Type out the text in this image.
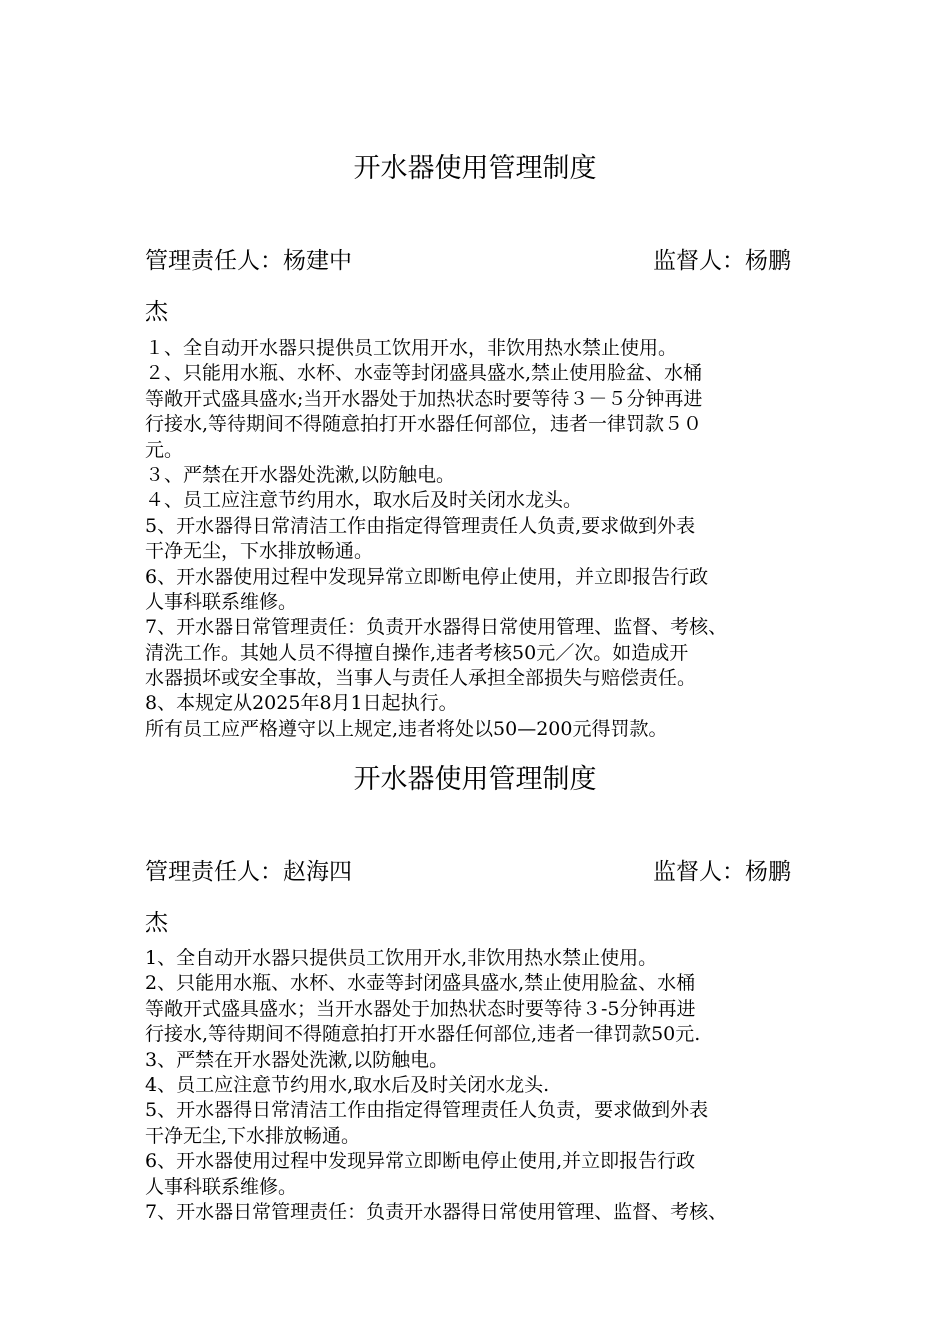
开水器使用管理制度
管理责任人：杨建中	监督人：杨鹏
杰
１、全自动开水器只提供员工饮用开水，非饮用热水禁止使用。
２、只能用水瓶、水杯、水壶等封闭盛具盛水,禁止使用脸盆、水桶
等敞开式盛具盛水;当开水器处于加热状态时要等待３－５分钟再进
行接水,等待期间不得随意拍打开水器任何部位，违者一律罚款５０
元。
３、严禁在开水器处洗漱,以防触电。
４、员工应注意节约用水，取水后及时关闭水龙头。
5、开水器得日常清洁工作由指定得管理责任人负责,要求做到外表
干净无尘，下水排放畅通。
6、开水器使用过程中发现异常立即断电停止使用，并立即报告行政
人事科联系维修。
7、开水器日常管理责任：负责开水器得日常使用管理、监督、考核、
清洗工作。其她人员不得擅自操作,违者考核50元／次。如造成开
水器损坏或安全事故，当事人与责任人承担全部损失与赔偿责任。
8、本规定从2025年8月1日起执行。
所有员工应严格遵守以上规定,违者将处以50—200元得罚款。
开水器使用管理制度
管理责任人：赵海四	监督人：杨鹏
杰
1、全自动开水器只提供员工饮用开水,非饮用热水禁止使用。
2、只能用水瓶、水杯、水壶等封闭盛具盛水,禁止使用脸盆、水桶
等敞开式盛具盛水；当开水器处于加热状态时要等待３-5分钟再进
行接水,等待期间不得随意拍打开水器任何部位,违者一律罚款50元.
3、严禁在开水器处洗漱,以防触电。
4、员工应注意节约用水,取水后及时关闭水龙头.
5、开水器得日常清洁工作由指定得管理责任人负责，要求做到外表
干净无尘,下水排放畅通。
6、开水器使用过程中发现异常立即断电停止使用,并立即报告行政
人事科联系维修。
7、开水器日常管理责任：负责开水器得日常使用管理、监督、考核、
